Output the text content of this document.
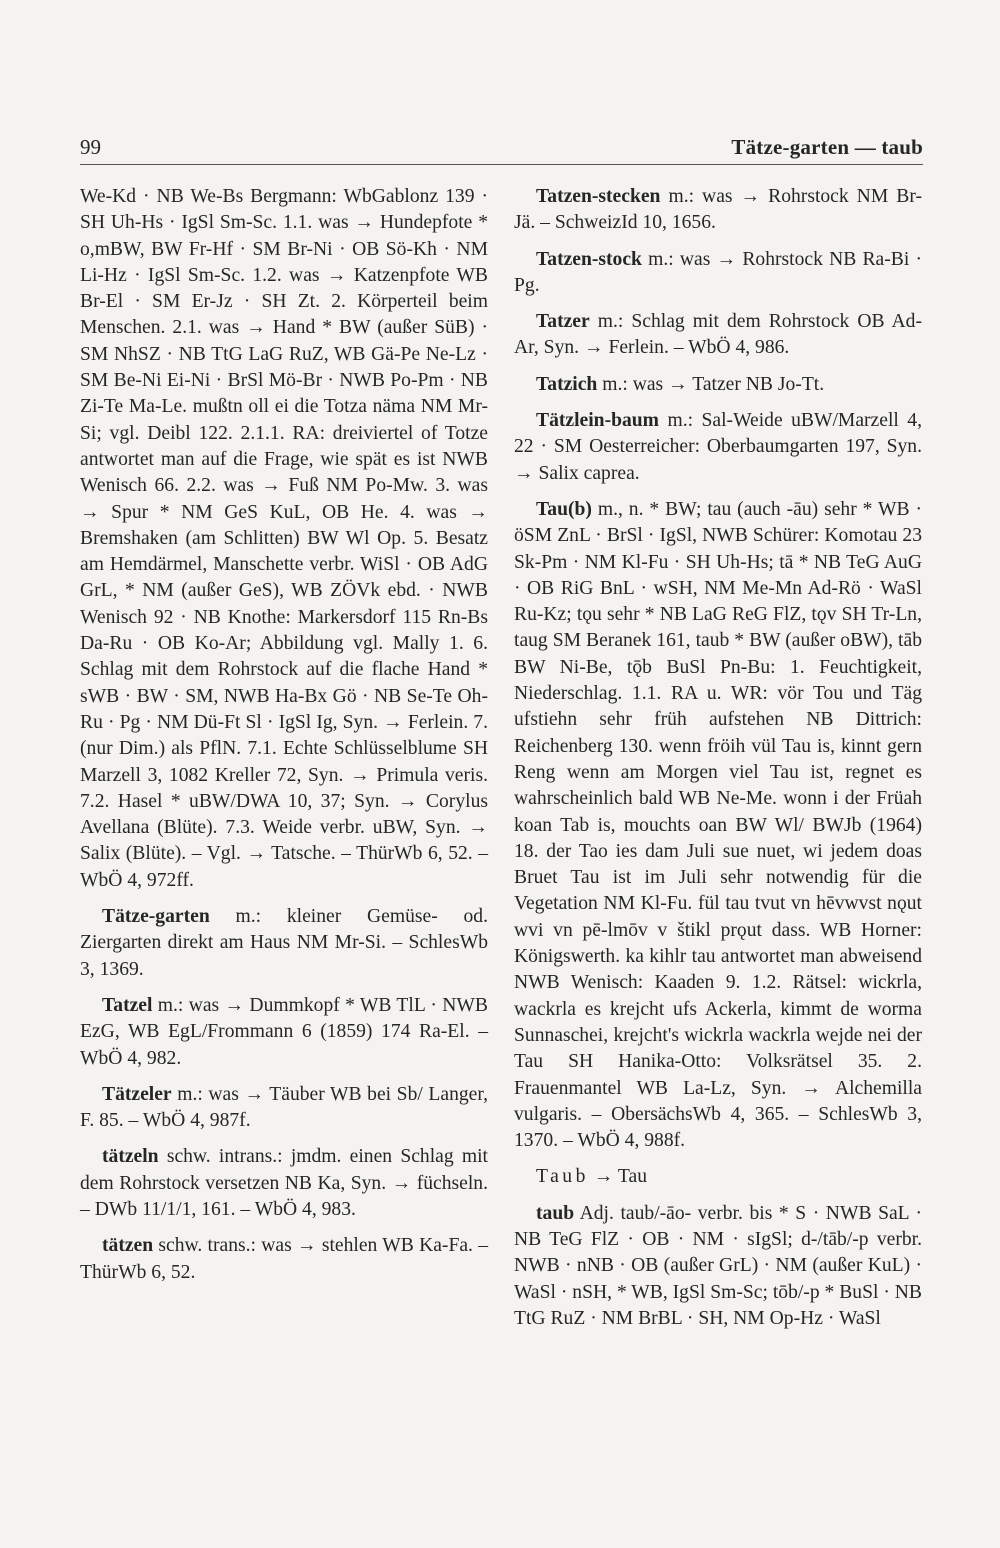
99	Tätze-garten — taub

We-Kd · NB We-Bs Bergmann: WbGablonz 139 · SH Uh-Hs · IgSl Sm-Sc. 1.1. was → Hundepfote * o,mBW, BW Fr-Hf · SM Br-Ni · OB Sö-Kh · NM Li-Hz · IgSl Sm-Sc. 1.2. was → Katzenpfote WB Br-El · SM Er-Jz · SH Zt. 2. Körperteil beim Menschen. 2.1. was → Hand * BW (außer SüB) · SM NhSZ · NB TtG LaG RuZ, WB Gä-Pe Ne-Lz · SM Be-Ni Ei-Ni · BrSl Mö-Br · NWB Po-Pm · NB Zi-Te Ma-Le. mußtn oll ei die Totza näma NM Mr-Si; vgl. Deibl 122. 2.1.1. RA: dreiviertel of Totze antwortet man auf die Frage, wie spät es ist NWB Wenisch 66. 2.2. was → Fuß NM Po-Mw. 3. was → Spur * NM GeS KuL, OB He. 4. was → Bremshaken (am Schlitten) BW Wl Op. 5. Besatz am Hemdärmel, Manschette verbr. WiSl · OB AdG GrL, * NM (außer GeS), WB ZÖVk ebd. · NWB Wenisch 92 · NB Knothe: Markersdorf 115 Rn-Bs Da-Ru · OB Ko-Ar; Abbildung vgl. Mally 1. 6. Schlag mit dem Rohrstock auf die flache Hand * sWB · BW · SM, NWB Ha-Bx Gö · NB Se-Te Oh-Ru · Pg · NM Dü-Ft Sl · IgSl Ig, Syn. → Ferlein. 7. (nur Dim.) als PflN. 7.1. Echte Schlüsselblume SH Marzell 3, 1082 Kreller 72, Syn. → Primula veris. 7.2. Hasel * uBW/DWA 10, 37; Syn. → Corylus Avellana (Blüte). 7.3. Weide verbr. uBW, Syn. → Salix (Blüte). – Vgl. → Tatsche. – ThürWb 6, 52. – WbÖ 4, 972ff.

Tätze-garten m.: kleiner Gemüse- od. Ziergarten direkt am Haus NM Mr-Si. – SchlesWb 3, 1369.

Tatzel m.: was → Dummkopf * WB TlL · NWB EzG, WB EgL/Frommann 6 (1859) 174 Ra-El. – WbÖ 4, 982.

Tätzeler m.: was → Täuber WB bei Sb/ Langer, F. 85. – WbÖ 4, 987f.

tätzeln schw. intrans.: jmdm. einen Schlag mit dem Rohrstock versetzen NB Ka, Syn. → füchseln. – DWb 11/1/1, 161. – WbÖ 4, 983.

tätzen schw. trans.: was → stehlen WB Ka-Fa. – ThürWb 6, 52.

Tatzen-stecken m.: was → Rohrstock NM Br-Jä. – SchweizId 10, 1656.

Tatzen-stock m.: was → Rohrstock NB Ra-Bi · Pg.

Tatzer m.: Schlag mit dem Rohrstock OB Ad-Ar, Syn. → Ferlein. – WbÖ 4, 986.

Tatzich m.: was → Tatzer NB Jo-Tt.

Tätzlein-baum m.: Sal-Weide uBW/Marzell 4, 22 · SM Oesterreicher: Oberbaumgarten 197, Syn. → Salix caprea.

Tau(b) m., n. * BW; tau (auch -āu) sehr * WB · öSM ZnL · BrSl · IgSl, NWB Schürer: Komotau 23 Sk-Pm · NM Kl-Fu · SH Uh-Hs; tā * NB TeG AuG · OB RiG BnL · wSH, NM Me-Mn Ad-Rö · WaSl Ru-Kz; tǫu sehr * NB LaG ReG FlZ, tǫv SH Tr-Ln, taug SM Beranek 161, taub * BW (außer oBW), tāb BW Ni-Be, tǭb BuSl Pn-Bu: 1. Feuchtigkeit, Niederschlag. 1.1. RA u. WR: vör Tou und Täg ufstiehn sehr früh aufstehen NB Dittrich: Reichenberg 130. wenn fröih vül Tau is, kinnt gern Reng wenn am Morgen viel Tau ist, regnet es wahrscheinlich bald WB Ne-Me. wonn i der Früah koan Tab is, mouchts oan BW Wl/ BWJb (1964) 18. der Tao ies dam Juli sue nuet, wi jedem doas Bruet Tau ist im Juli sehr notwendig für die Vegetation NM Kl-Fu. fül tau tvut vn hēvwvst nǫut wvi vn pē-lmōv v štikl prǫut dass. WB Horner: Königswerth. ka kihlr tau antwortet man abweisend NWB Wenisch: Kaaden 9. 1.2. Rätsel: wickrla, wackrla es krejcht ufs Ackerla, kimmt de worma Sunnaschei, krejcht's wickrla wackrla wejde nei der Tau SH Hanika-Otto: Volksrätsel 35. 2. Frauenmantel WB La-Lz, Syn. → Alchemilla vulgaris. – ObersächsWb 4, 365. – SchlesWb 3, 1370. – WbÖ 4, 988f.

Taub → Tau

taub Adj. taub/-āo- verbr. bis * S · NWB SaL · NB TeG FlZ · OB · NM · sIgSl; d-/tāb/-p verbr. NWB · nNB · OB (außer GrL) · NM (außer KuL) · WaSl · nSH, * WB, IgSl Sm-Sc; tōb/-p * BuSl · NB TtG RuZ · NM BrBL · SH, NM Op-Hz · WaSl
